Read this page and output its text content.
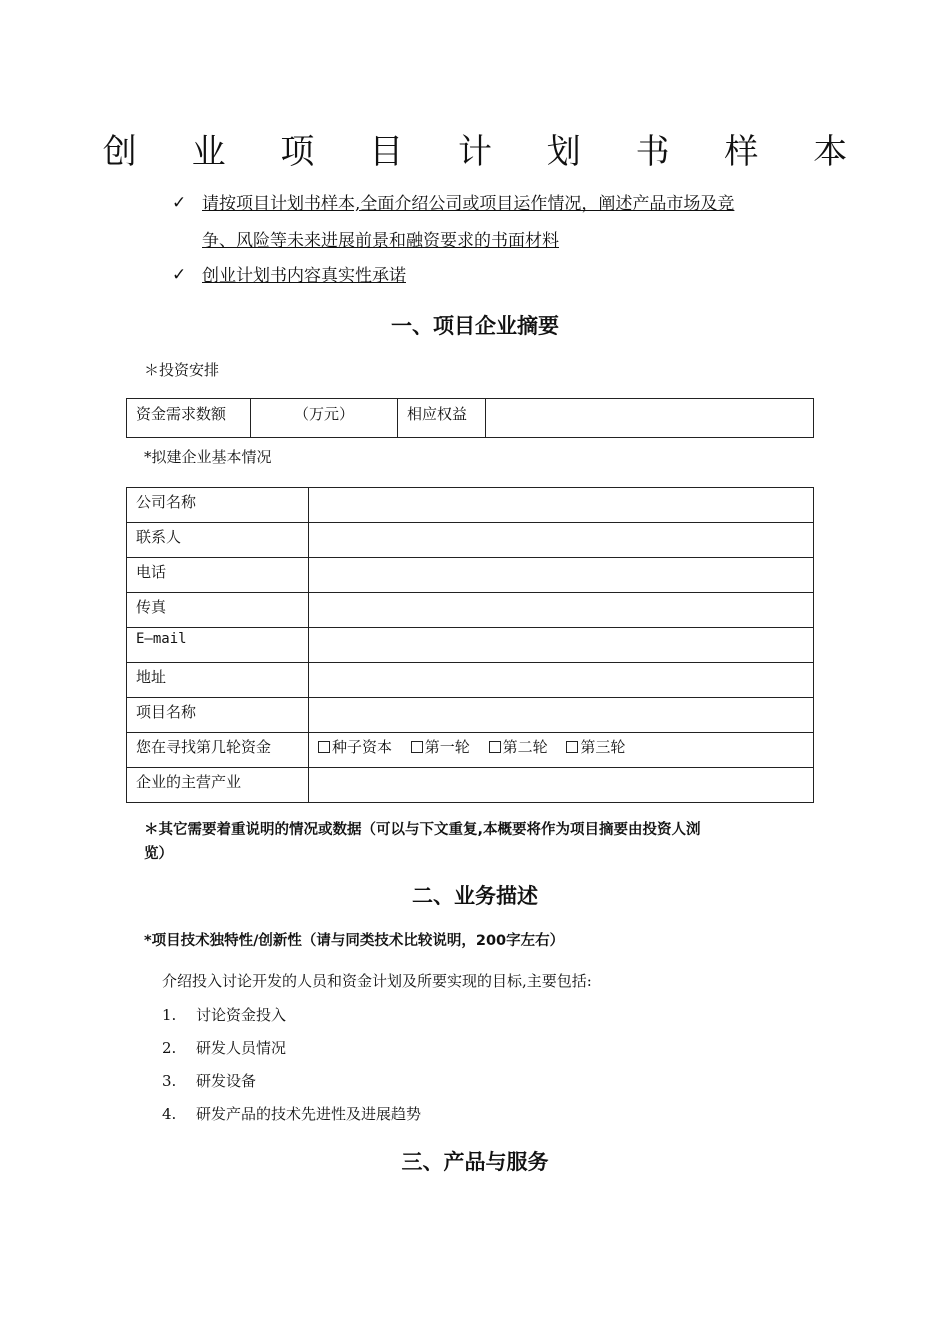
创 业 项 目 计 划 书 样 本
✓ 请按项目计划书样本,全面介绍公司或项目运作情况，阐述产品市场及竞
争、风险等未来进展前景和融资要求的书面材料
✓ 创业计划书内容真实性承诺
一、项目企业摘要
＊投资安排
资金需求数额	（万元）	相应权益	
*拟建企业基本情况
公司名称	
联系人	
电话	
传真	
E—mail	
地址	
项目名称	
您在寻找第几轮资金	种子资本 第一轮 第二轮 第三轮
企业的主营产业	
＊其它需要着重说明的情况或数据（可以与下文重复,本概要将作为项目摘要由投资人浏
览）
二、业务描述
*项目技术独特性/创新性（请与同类技术比较说明，200字左右）
介绍投入讨论开发的人员和资金计划及所要实现的目标,主要包括:
1. 讨论资金投入
2. 研发人员情况
3. 研发设备
4. 研发产品的技术先进性及进展趋势
三、产品与服务
